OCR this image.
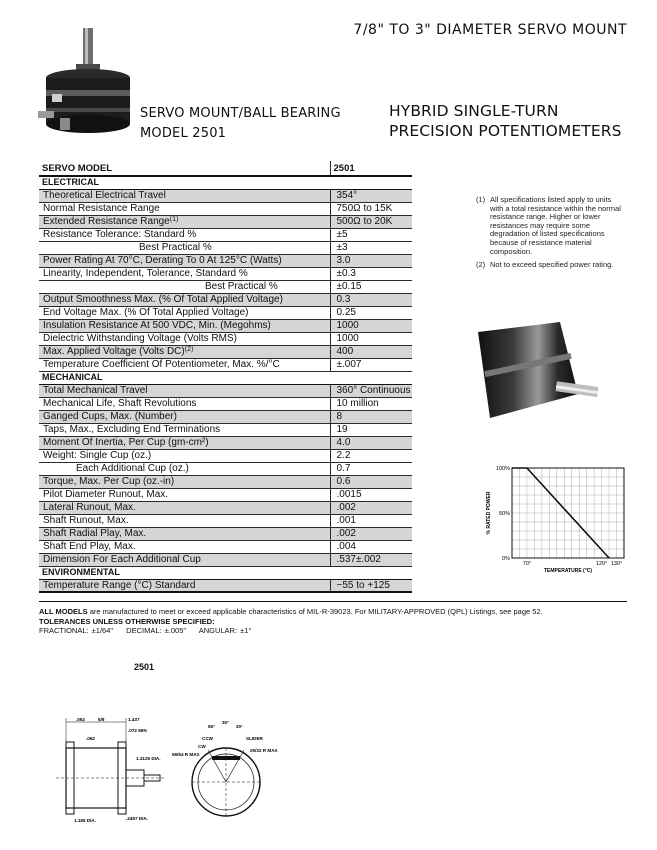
7/8" TO 3" DIAMETER SERVO MOUNT
SERVO MOUNT/BALL BEARING
MODEL 2501
HYBRID SINGLE-TURN
PRECISION POTENTIOMETERS
SERVO MODEL	2501
ELECTRICAL	
Theoretical Electrical Travel	354°
Normal Resistance Range	750Ω to 15K
Extended Resistance Range$^{(1)}$	500Ω to 20K
Resistance Tolerance: Standard %	±5
Best Practical %	±3
Power Rating At 70°C, Derating To 0 At 125°C (Watts)	3.0
Linearity, Independent, Tolerance, Standard %	±0.3
Best Practical %	±0.15
Output Smoothness Max. (% Of Total Applied Voltage)	0.3
End Voltage Max. (% Of Total Applied Voltage)	0.25
Insulation Resistance At 500 VDC, Min. (Megohms)	1000
Dielectric Withstanding Voltage (Volts RMS)	1000
Max. Applied Voltage (Volts DC)$^{(2)}$	400
Temperature Coefficient Of Potentiometer, Max. %/°C	±.007
MECHANICAL	
Total Mechanical Travel	360° Continuous
Mechanical Life, Shaft Revolutions	10 million
Ganged Cups, Max. (Number)	8
Taps, Max., Excluding End Terminations	19
Moment Of Inertia, Per Cup (gm-cm²)	4.0
Weight: Single Cup (oz.)	2.2
Each Additional Cup (oz.)	0.7
Torque, Max. Per Cup (oz.-in)	0.6
Pilot Diameter Runout, Max.	.0015
Lateral Runout, Max.	.002
Shaft Runout, Max.	.001
Shaft Radial Play, Max.	.002
Shaft End Play, Max.	.004
Dimension For Each Additional Cup	.537±.002
ENVIRONMENTAL	
Temperature Range (°C) Standard	−55 to +125
(1) All specifications listed apply to units with a total resistance within the normal resistance range. Higher or lower resistances may require some degradation of listed specifications because of resistance material composition.
(2) Not to exceed specified power rating.
100%
50%
0%
70°	120° 130°
TEMPERATURE (°C)
% RATED POWER
ALL MODELS are manufactured to meet or exceed applicable characteristics of MIL-R-39023. For MILITARY-APPROVED (QPL) Listings, see page 52.
TOLERANCES UNLESS OTHERWISE SPECIFIED:
FRACTIONAL: ±1/64" DECIMAL: ±.005" ANGULAR: ±1°
2501
.062	5/8	1.437
.072 MIN
.062
1.3125 DIA.
1.185 DIA.	.2497 DIA.
55°
30°
20°
CCW
CW
SLIDER
29/32 R MAX
59/64 R MAX
